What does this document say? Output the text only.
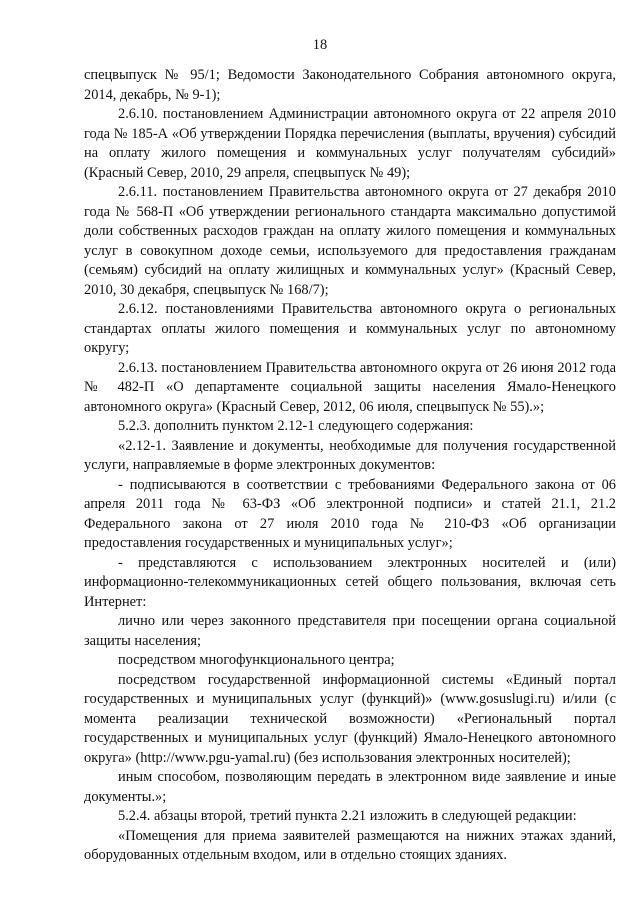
18

спецвыпуск № 95/1; Ведомости Законодательного Собрания автономного округа, 2014, декабрь, № 9-1);

2.6.10. постановлением Администрации автономного округа от 22 апреля 2010 года № 185-А «Об утверждении Порядка перечисления (выплаты, вручения) субсидий на оплату жилого помещения и коммунальных услуг получателям субсидий» (Красный Север, 2010, 29 апреля, спецвыпуск № 49);

2.6.11. постановлением Правительства автономного округа от 27 декабря 2010 года № 568-П «Об утверждении регионального стандарта максимально допустимой доли собственных расходов граждан на оплату жилого помещения и коммунальных услуг в совокупном доходе семьи, используемого для предоставления гражданам (семьям) субсидий на оплату жилищных и коммунальных услуг» (Красный Север, 2010, 30 декабря, спецвыпуск № 168/7);

2.6.12. постановлениями Правительства автономного округа о региональных стандартах оплаты жилого помещения и коммунальных услуг по автономному округу;

2.6.13. постановлением Правительства автономного округа от 26 июня 2012 года № 482-П «О департаменте социальной защиты населения Ямало-Ненецкого автономного округа» (Красный Север, 2012, 06 июля, спецвыпуск № 55).»;

5.2.3. дополнить пунктом 2.12-1 следующего содержания:

«2.12-1. Заявление и документы, необходимые для получения государственной услуги, направляемые в форме электронных документов:

- подписываются в соответствии с требованиями Федерального закона от 06 апреля 2011 года № 63-ФЗ «Об электронной подписи» и статей 21.1, 21.2 Федерального закона от 27 июля 2010 года № 210-ФЗ «Об организации предоставления государственных и муниципальных услуг»;

- представляются с использованием электронных носителей и (или) информационно-телекоммуникационных сетей общего пользования, включая сеть Интернет:

лично или через законного представителя при посещении органа социальной защиты населения;

посредством многофункционального центра;

посредством государственной информационной системы «Единый портал государственных и муниципальных услуг (функций)» (www.gosuslugi.ru) и/или (с момента реализации технической возможности) «Региональный портал государственных и муниципальных услуг (функций) Ямало-Ненецкого автономного округа» (http://www.pgu-yamal.ru) (без использования электронных носителей);

иным способом, позволяющим передать в электронном виде заявление и иные документы.»;

5.2.4. абзацы второй, третий пункта 2.21 изложить в следующей редакции:

«Помещения для приема заявителей размещаются на нижних этажах зданий, оборудованных отдельным входом, или в отдельно стоящих зданиях.
